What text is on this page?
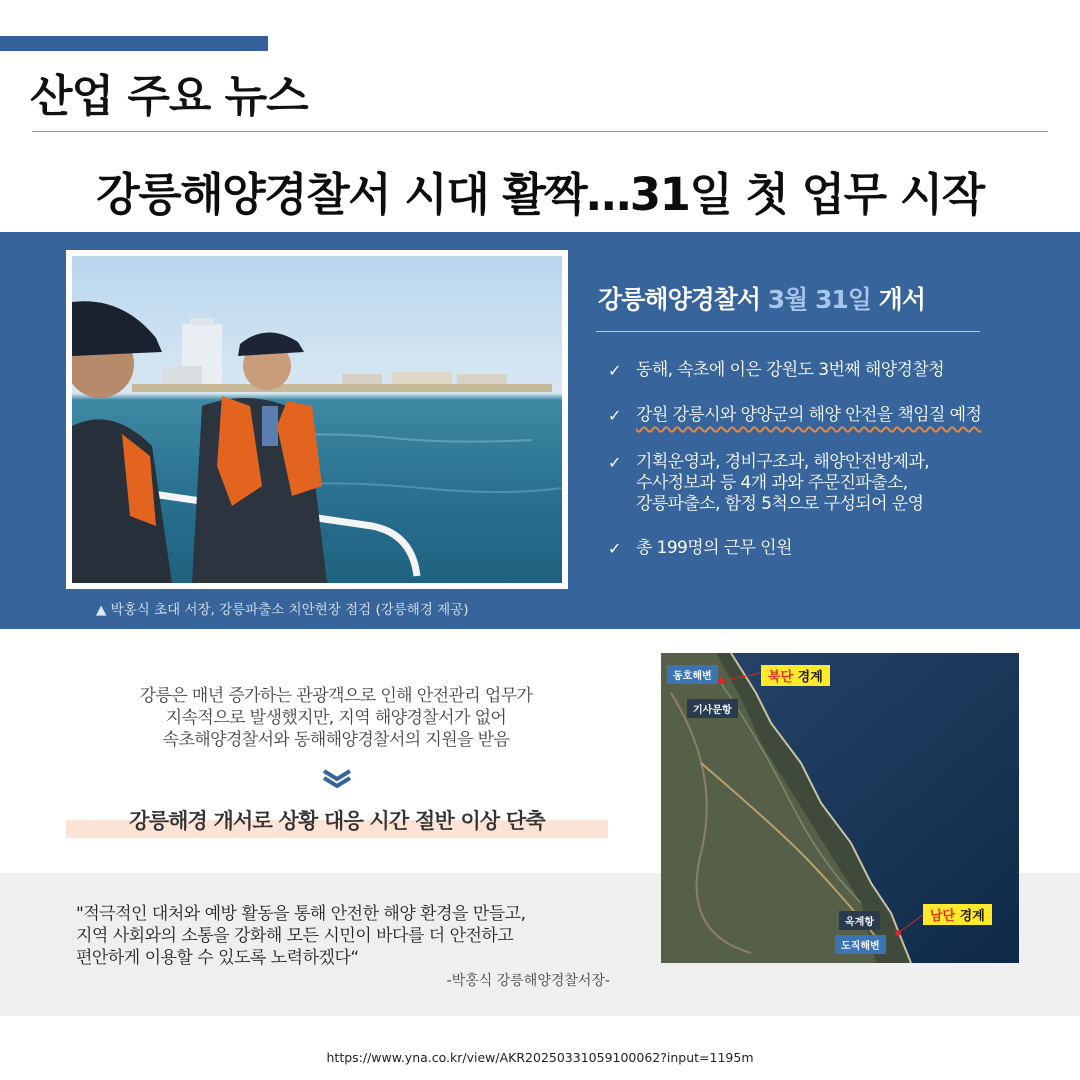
산업 주요 뉴스
강릉해양경찰서 시대 활짝…31일 첫 업무 시작
▲ 박홍식 초대 서장, 강릉파출소 치안현장 점검 (강릉해경 제공)
강릉해양경찰서 3월 31일 개서
✓ 동해, 속초에 이은 강원도 3번째 해양경찰청
✓ 강원 강릉시와 양양군의 해양 안전을 책임질 예정
✓ 기획운영과, 경비구조과, 해양안전방제과,
수사정보과 등 4개 과와 주문진파출소,
강릉파출소, 함정 5척으로 구성되어 운영
✓ 총 199명의 근무 인원
강릉은 매년 증가하는 관광객으로 인해 안전관리 업무가
지속적으로 발생했지만, 지역 해양경찰서가 없어
속초해양경찰서와 동해해양경찰서의 지원을 받음
강릉해경 개서로 상황 대응 시간 절반 이상 단축
"적극적인 대처와 예방 활동을 통해 안전한 해양 환경을 만들고,
지역 사회와의 소통을 강화해 모든 시민이 바다를 더 안전하고
편안하게 이용할 수 있도록 노력하겠다“
-박홍식 강릉해양경찰서장-
동호해변
기사문항
옥계항
도직해변
북단 경계
남단 경계
https://www.yna.co.kr/view/AKR20250331059100062?input=1195m
